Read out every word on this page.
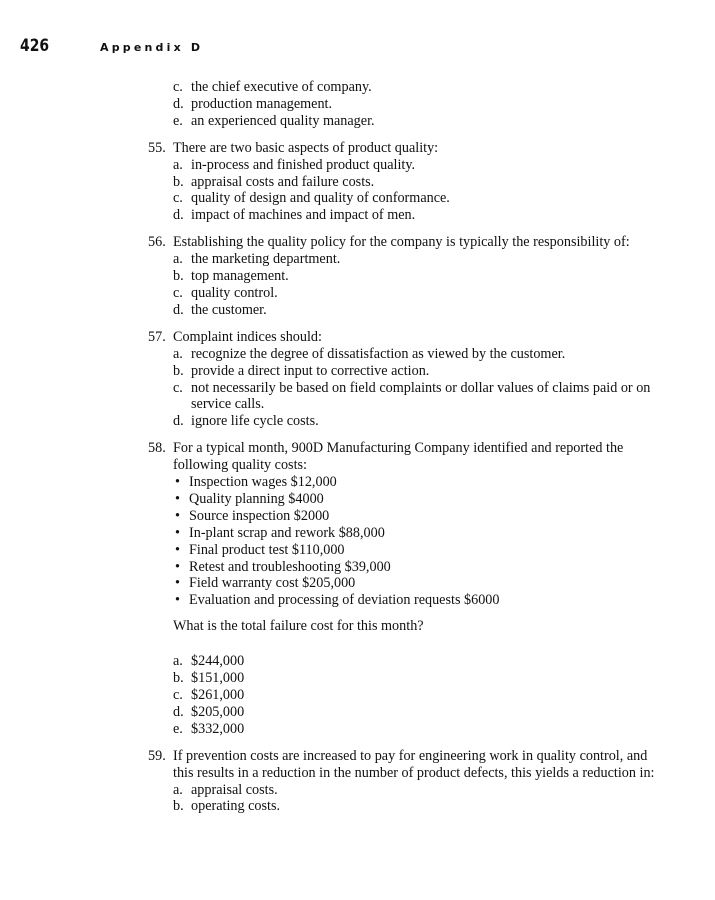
426	Appendix D
c. the chief executive of company.
d. production management.
e. an experienced quality manager.
55. There are two basic aspects of product quality:
a. in-process and finished product quality.
b. appraisal costs and failure costs.
c. quality of design and quality of conformance.
d. impact of machines and impact of men.
56. Establishing the quality policy for the company is typically the responsibility of:
a. the marketing department.
b. top management.
c. quality control.
d. the customer.
57. Complaint indices should:
a. recognize the degree of dissatisfaction as viewed by the customer.
b. provide a direct input to corrective action.
c. not necessarily be based on field complaints or dollar values of claims paid or on service calls.
d. ignore life cycle costs.
58. For a typical month, 900D Manufacturing Company identified and reported the following quality costs:
• Inspection wages $12,000
• Quality planning $4000
• Source inspection $2000
• In-plant scrap and rework $88,000
• Final product test $110,000
• Retest and troubleshooting $39,000
• Field warranty cost $205,000
• Evaluation and processing of deviation requests $6000
What is the total failure cost for this month?
a. $244,000
b. $151,000
c. $261,000
d. $205,000
e. $332,000
59. If prevention costs are increased to pay for engineering work in quality control, and this results in a reduction in the number of product defects, this yields a reduction in:
a. appraisal costs.
b. operating costs.
